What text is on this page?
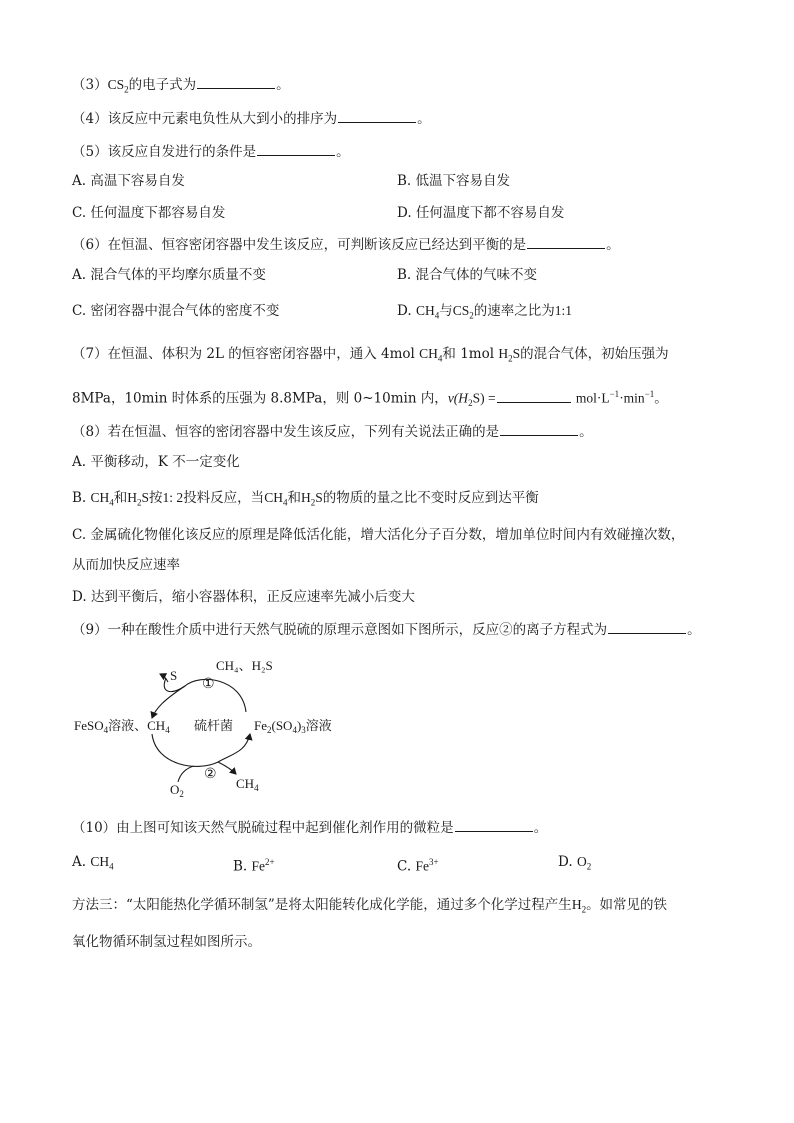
$(3)CS_2$的电子式为	。
（4）该反应中元素电负性从大到小的排序为	。
（5）该反应自发进行的条件是	。
A. 高温下容易自发	B. 低温下容易自发
C. 任何温度下都容易自发	D. 任何温度下都不容易自发
（6）在恒温、恒容密闭容器中发生该反应，可判断该反应已经达到平衡的是	。
A. 混合气体的平均摩尔质量不变	B. 混合气体的气味不变
C. 密闭容器中混合气体的密度不变	D. $CH_4$与$CS_2$的速率之比为1:1
（7）在恒温、体积为 2L 的恒容密闭容器中，通入 4mol $CH_4$和 1mol $H_2S$的混合气体，初始压强为
8MPa，10min 时体系的压强为 8.8MPa，则 0~10min 内，$v(H_2S)$ =	$mol\cdot L^{-1}\cdot\min^{-1}$。
（8）若在恒温、恒容的密闭容器中发生该反应，下列有关说法正确的是	。
A. 平衡移动，K 不一定变化
B. $CH_4$和$H_2S$按1: 2投料反应，当$CH_4$和$H_2S$的物质的量之比不变时反应到达平衡
C. 金属硫化物催化该反应的原理是降低活化能，增大活化分子百分数，增加单位时间内有效碰撞次数，
从而加快反应速率
D. 达到平衡后，缩小容器体积，正反应速率先减小后变大
（9）一种在酸性介质中进行天然气脱硫的原理示意图如下图所示，反应②的离子方程式为	。
CH₄、H₂S
S
①
FeSO$_4$溶液、$CH_4$ 硫杆菌 $Fe_2(SO_4)_3$溶液
②
$O_2$
$CH_4$
（10）由上图可知该天然气脱硫过程中起到催化剂作用的微粒是	。
A. $CH_4$	B. $Fe^{2+}$	C. $Fe^{3+}$	D. $O_2$
方法三：“太阳能热化学循环制氢”是将太阳能转化成化学能，通过多个化学过程产生$H_2$。如常见的铁
氧化物循环制氢过程如图所示。
